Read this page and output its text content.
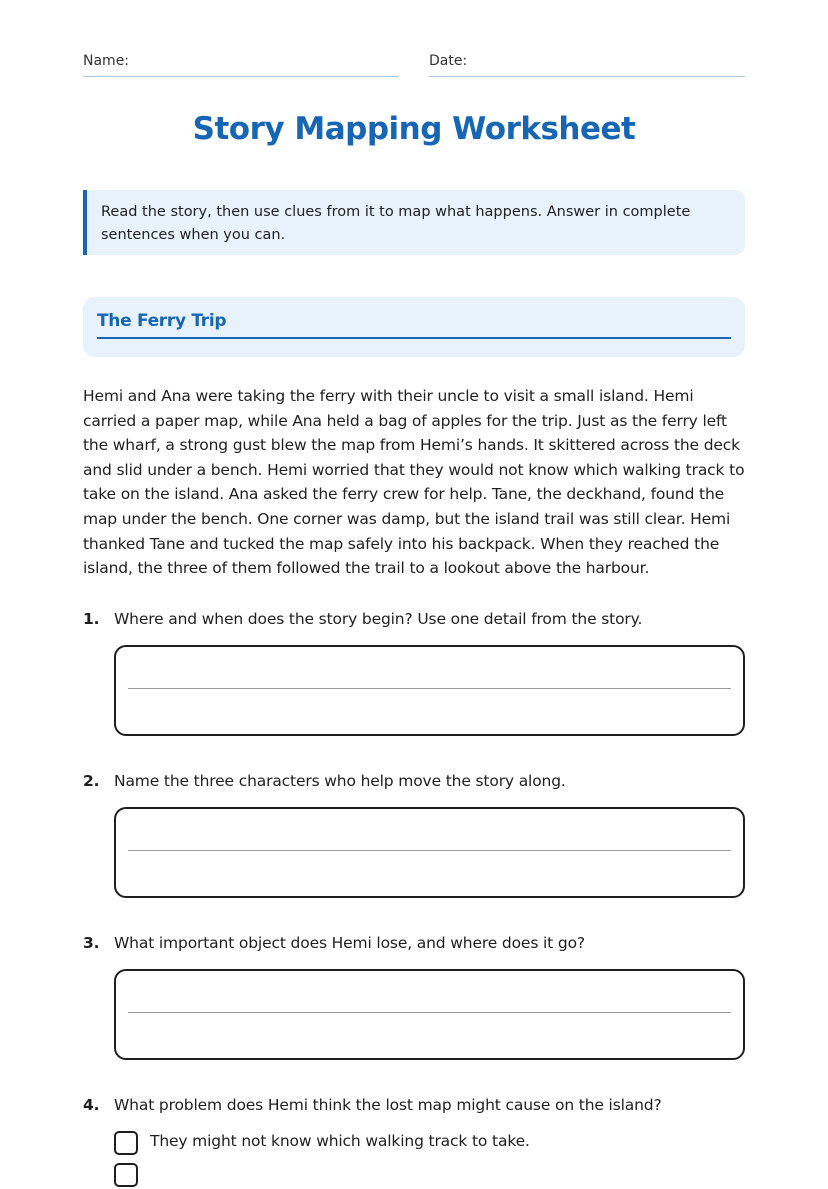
Name:	Date:
Story Mapping Worksheet
Read the story, then use clues from it to map what happens. Answer in complete sentences when you can.
The Ferry Trip
Hemi and Ana were taking the ferry with their uncle to visit a small island. Hemi carried a paper map, while Ana held a bag of apples for the trip. Just as the ferry left the wharf, a strong gust blew the map from Hemi’s hands. It skittered across the deck and slid under a bench. Hemi worried that they would not know which walking track to take on the island. Ana asked the ferry crew for help. Tane, the deckhand, found the map under the bench. One corner was damp, but the island trail was still clear. Hemi thanked Tane and tucked the map safely into his backpack. When they reached the island, the three of them followed the trail to a lookout above the harbour.
1. Where and when does the story begin? Use one detail from the story.
2. Name the three characters who help move the story along.
3. What important object does Hemi lose, and where does it go?
4. What problem does Hemi think the lost map might cause on the island?
They might not know which walking track to take.
